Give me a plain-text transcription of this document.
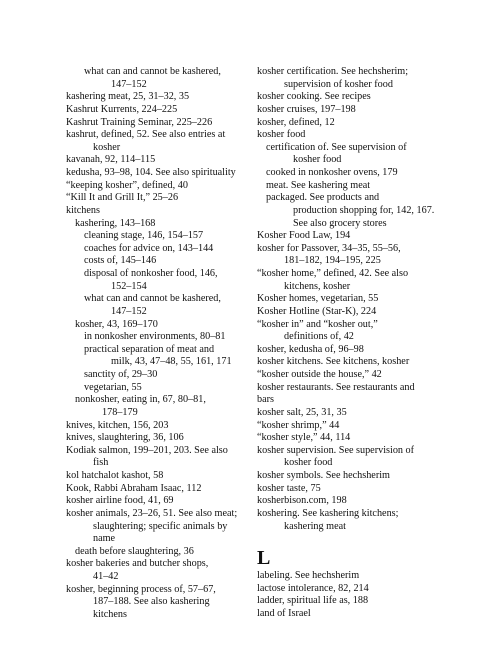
what can and cannot be kashered,
147–152
kashering meat, 25, 31–32, 35
Kashrut Kurrents, 224–225
Kashrut Training Seminar, 225–226
kashrut, defined, 52. See also entries at
kosher
kavanah, 92, 114–115
kedusha, 93–98, 104. See also spirituality
“keeping kosher”, defined, 40
“Kill It and Grill It,” 25–26
kitchens
kashering, 143–168
cleaning stage, 146, 154–157
coaches for advice on, 143–144
costs of, 145–146
disposal of nonkosher food, 146,
152–154
what can and cannot be kashered,
147–152
kosher, 43, 169–170
in nonkosher environments, 80–81
practical separation of meat and
milk, 43, 47–48, 55, 161, 171
sanctity of, 29–30
vegetarian, 55
nonkosher, eating in, 67, 80–81,
178–179
knives, kitchen, 156, 203
knives, slaughtering, 36, 106
Kodiak salmon, 199–201, 203. See also
fish
kol hatchalot kashot, 58
Kook, Rabbi Abraham Isaac, 112
kosher airline food, 41, 69
kosher animals, 23–26, 51. See also meat;
slaughtering; specific animals by
name
death before slaughtering, 36
kosher bakeries and butcher shops,
41–42
kosher, beginning process of, 57–67,
187–188. See also kashering
kitchens
kosher certification. See hechsherim;
supervision of kosher food
kosher cooking. See recipes
kosher cruises, 197–198
kosher, defined, 12
kosher food
certification of. See supervision of
kosher food
cooked in nonkosher ovens, 179
meat. See kashering meat
packaged. See products and
production shopping for, 142, 167.
See also grocery stores
Kosher Food Law, 194
kosher for Passover, 34–35, 55–56,
181–182, 194–195, 225
“kosher home,” defined, 42. See also
kitchens, kosher
Kosher homes, vegetarian, 55
Kosher Hotline (Star-K), 224
“kosher in” and “kosher out,”
definitions of, 42
kosher, kedusha of, 96–98
kosher kitchens. See kitchens, kosher
“kosher outside the house,” 42
kosher restaurants. See restaurants and
bars
kosher salt, 25, 31, 35
“kosher shrimp,” 44
“kosher style,” 44, 114
kosher supervision. See supervision of
kosher food
kosher symbols. See hechsherim
kosher taste, 75
kosherbison.com, 198
koshering. See kashering kitchens;
kashering meat
L
labeling. See hechsherim
lactose intolerance, 82, 214
ladder, spiritual life as, 188
land of Israel
